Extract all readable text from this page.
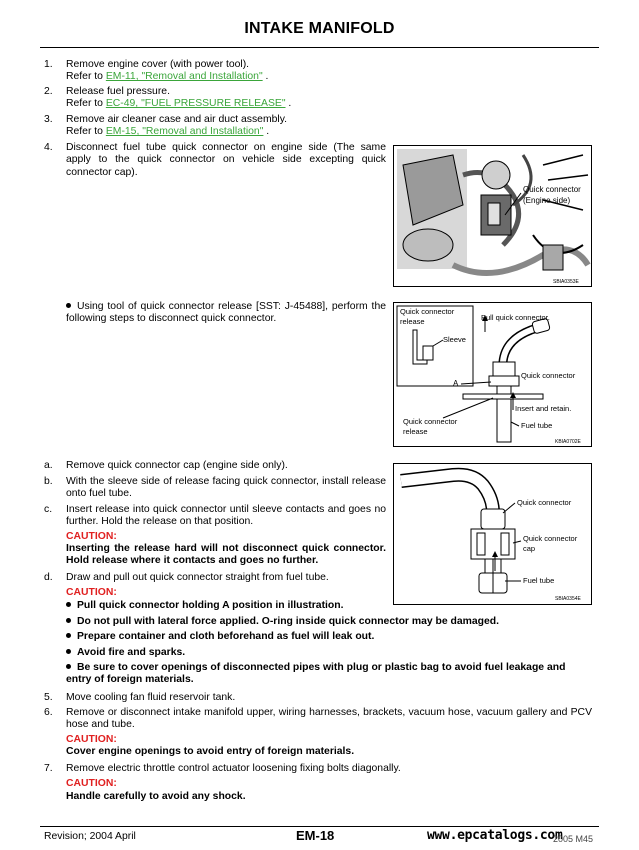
INTAKE MANIFOLD
1. Remove engine cover (with power tool).
Refer to EM-11, "Removal and Installation" .
2. Release fuel pressure.
Refer to EC-49, "FUEL PRESSURE RELEASE" .
3. Remove air cleaner case and air duct assembly.
Refer to EM-15, "Removal and Installation" .
4. Disconnect fuel tube quick connector on engine side (The same apply to the quick connector on vehicle side excepting quick connector cap).
Quick connector
(Engine side)
SBIA0353E
Using tool of quick connector release [SST: J-45488], perform the following steps to disconnect quick connector.
Quick connector
release
Sleeve
Pull quick connector.
A
Quick connector
Insert and retain.
Fuel tube
Quick connector
release
KBIA0702E
a. Remove quick connector cap (engine side only).
b. With the sleeve side of release facing quick connector, install release onto fuel tube.
c. Insert release into quick connector until sleeve contacts and goes no further. Hold the release on that position.
CAUTION:
Inserting the release hard will not disconnect quick connector. Hold release where it contacts and goes no further.
d. Draw and pull out quick connector straight from fuel tube.
CAUTION:
Pull quick connector holding A position in illustration.
Do not pull with lateral force applied. O-ring inside quick connector may be damaged.
Prepare container and cloth beforehand as fuel will leak out.
Avoid fire and sparks.
Be sure to cover openings of disconnected pipes with plug or plastic bag to avoid fuel leakage and entry of foreign materials.
Quick connector
Quick connector
cap
Fuel tube
SBIA0354E
5. Move cooling fan fluid reservoir tank.
6. Remove or disconnect intake manifold upper, wiring harnesses, brackets, vacuum hose, vacuum gallery and PCV hose and tube.
CAUTION:
Cover engine openings to avoid entry of foreign materials.
7. Remove electric throttle control actuator loosening fixing bolts diagonally.
CAUTION:
Handle carefully to avoid any shock.
Revision; 2004 April	EM-18	www.epcatalogs.com
2005 M45
